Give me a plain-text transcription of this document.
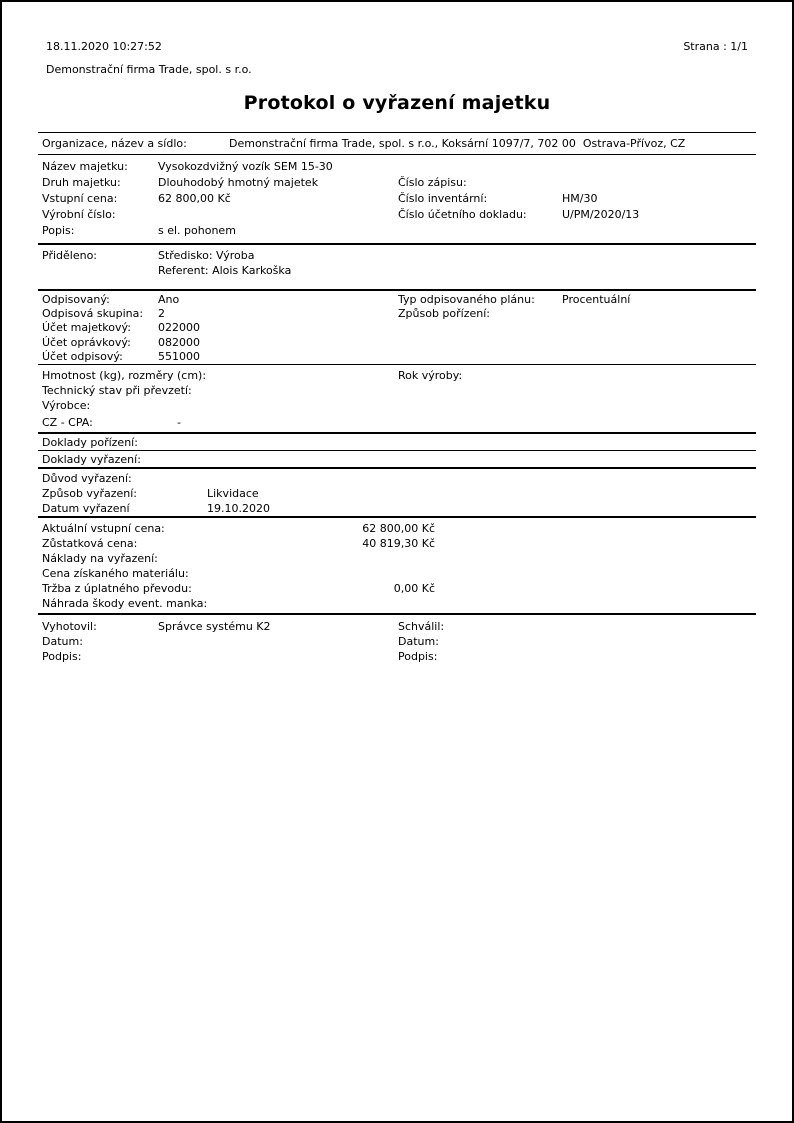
18.11.2020 10:27:52	Strana : 1/1
Demonstrační firma Trade, spol. s r.o.
Protokol o vyřazení majetku
Organizace, název a sídlo:	Demonstrační firma Trade, spol. s r.o., Koksární 1097/7, 702 00  Ostrava-Přívoz, CZ
Název majetku:	Vysokozdvižný vozík SEM 15-30
Druh majetku:	Dlouhodobý hmotný majetek	Číslo zápisu:
Vstupní cena:	62 800,00 Kč	Číslo inventární:	HM/30
Výrobní číslo:	Číslo účetního dokladu:	U/PM/2020/13
Popis:	s el. pohonem
Přiděleno:	Středisko: Výroba
Referent: Alois Karkoška
Odpisovaný:	Ano	Typ odpisovaného plánu: Procentuální
Odpisová skupina: 2	Způsob pořízení:
Účet majetkový: 022000
Účet oprávkový: 082000
Účet odpisový:	551000
Hmotnost (kg), rozměry (cm):	Rok výroby:
Technický stav při převzetí:
Výrobce:
CZ - CPA:	-
Doklady pořízení:
Doklady vyřazení:
Důvod vyřazení:
Způsob vyřazení:	Likvidace
Datum vyřazení	19.10.2020
Aktuální vstupní cena:	62 800,00 Kč
Zůstatková cena:	40 819,30 Kč
Náklady na vyřazení:
Cena získaného materiálu:
Tržba z úplatného převodu:	0,00 Kč
Náhrada škody event. manka:
Vyhotovil:	Správce systému K2	Schválil:
Datum:	Datum:
Podpis:	Podpis:
